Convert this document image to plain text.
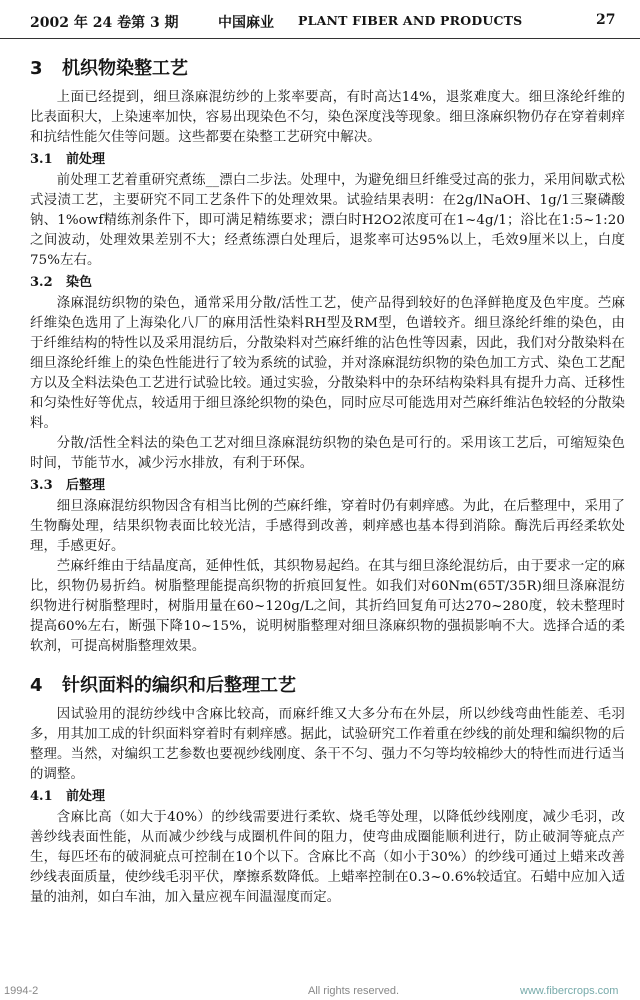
2002 年 24 卷第 3 期	中国麻业 PLANT FIBER AND PRODUCTS	27
3 机织物染整工艺

上面已经提到，细旦涤麻混纺纱的上浆率要高，有时高达14%，退浆难度大。细旦涤纶纤维的比表面积大，上染速率加快，容易出现染色不匀，染色深度浅等现象。细旦涤麻织物仍存在穿着刺痒和抗结性能欠佳等问题。这些都要在染整工艺研究中解决。

3.1 前处理

前处理工艺着重研究煮练__漂白二步法。处理中，为避免细旦纤维受过高的张力，采用间歇式松式浸渍工艺，主要研究不同工艺条件下的处理效果。试验结果表明：在2g/lNaOH、1g/1三聚磷酸钠、1%owf精练剂条件下，即可满足精练要求；漂白时H2O2浓度可在1~4g/1；浴比在1:5~1:20之间波动，处理效果差别不大；经煮练漂白处理后，退浆率可达95%以上，毛效9厘米以上，白度75%左右。

3.2 染色

涤麻混纺织物的染色，通常采用分散/活性工艺，使产品得到较好的色泽鲜艳度及色牢度。苎麻纤维染色选用了上海染化八厂的麻用活性染料RH型及RM型，色谱较齐。细旦涤纶纤维的染色，由于纤维结构的特性以及采用混纺后，分散染料对苎麻纤维的沾色性等因素，因此，我们对分散染料在细旦涤纶纤维上的染色性能进行了较为系统的试验，并对涤麻混纺织物的染色加工方式、染色工艺配方以及全料法染色工艺进行试验比较。通过实验，分散染料中的杂环结构染料具有提升力高、迁移性和匀染性好等优点，较适用于细旦涤纶织物的染色，同时应尽可能选用对苎麻纤维沾色较轻的分散染料。

分散/活性全料法的染色工艺对细旦涤麻混纺织物的染色是可行的。采用该工艺后，可缩短染色时间，节能节水，减少污水排放，有利于环保。

3.3 后整理

细旦涤麻混纺织物因含有相当比例的苎麻纤维，穿着时仍有刺痒感。为此，在后整理中，采用了生物酶处理，结果织物表面比较光洁，手感得到改善，刺痒感也基本得到消除。酶洗后再经柔软处理，手感更好。

苎麻纤维由于结晶度高，延伸性低，其织物易起绉。在其与细旦涤纶混纺后，由于要求一定的麻比，织物仍易折绉。树脂整理能提高织物的折痕回复性。如我们对60Nm(65T/35R)细旦涤麻混纺织物进行树脂整理时，树脂用量在60~120g/L之间，其折绉回复角可达270~280度，较未整理时提高60%左右，断强下降10~15%，说明树脂整理对细旦涤麻织物的强损影响不大。选择合适的柔软剂，可提高树脂整理效果。

4 针织面料的编织和后整理工艺

因试验用的混纺纱线中含麻比较高，而麻纤维又大多分布在外层，所以纱线弯曲性能差、毛羽多，用其加工成的针织面料穿着时有刺痒感。据此，试验研究工作着重在纱线的前处理和编织物的后整理。当然，对编织工艺参数也要视纱线刚度、条干不匀、强力不匀等均较棉纱大的特性而进行适当的调整。

4.1 前处理

含麻比高（如大于40%）的纱线需要进行柔软、烧毛等处理，以降低纱线刚度，减少毛羽，改善纱线表面性能，从而减少纱线与成圈机件间的阻力，使弯曲成圈能顺利进行，防止破洞等疵点产生，每匹坯布的破洞疵点可控制在10个以下。含麻比不高（如小于30%）的纱线可通过上蜡来改善纱线表面质量，使纱线毛羽平伏，摩擦系数降低。上蜡率控制在0.3~0.6%较适宜。石蜡中应加入适量的油剂，如白车油，加入量应视车间温湿度而定。

1994-2	All rights reserved.	www.fibercrops.com
